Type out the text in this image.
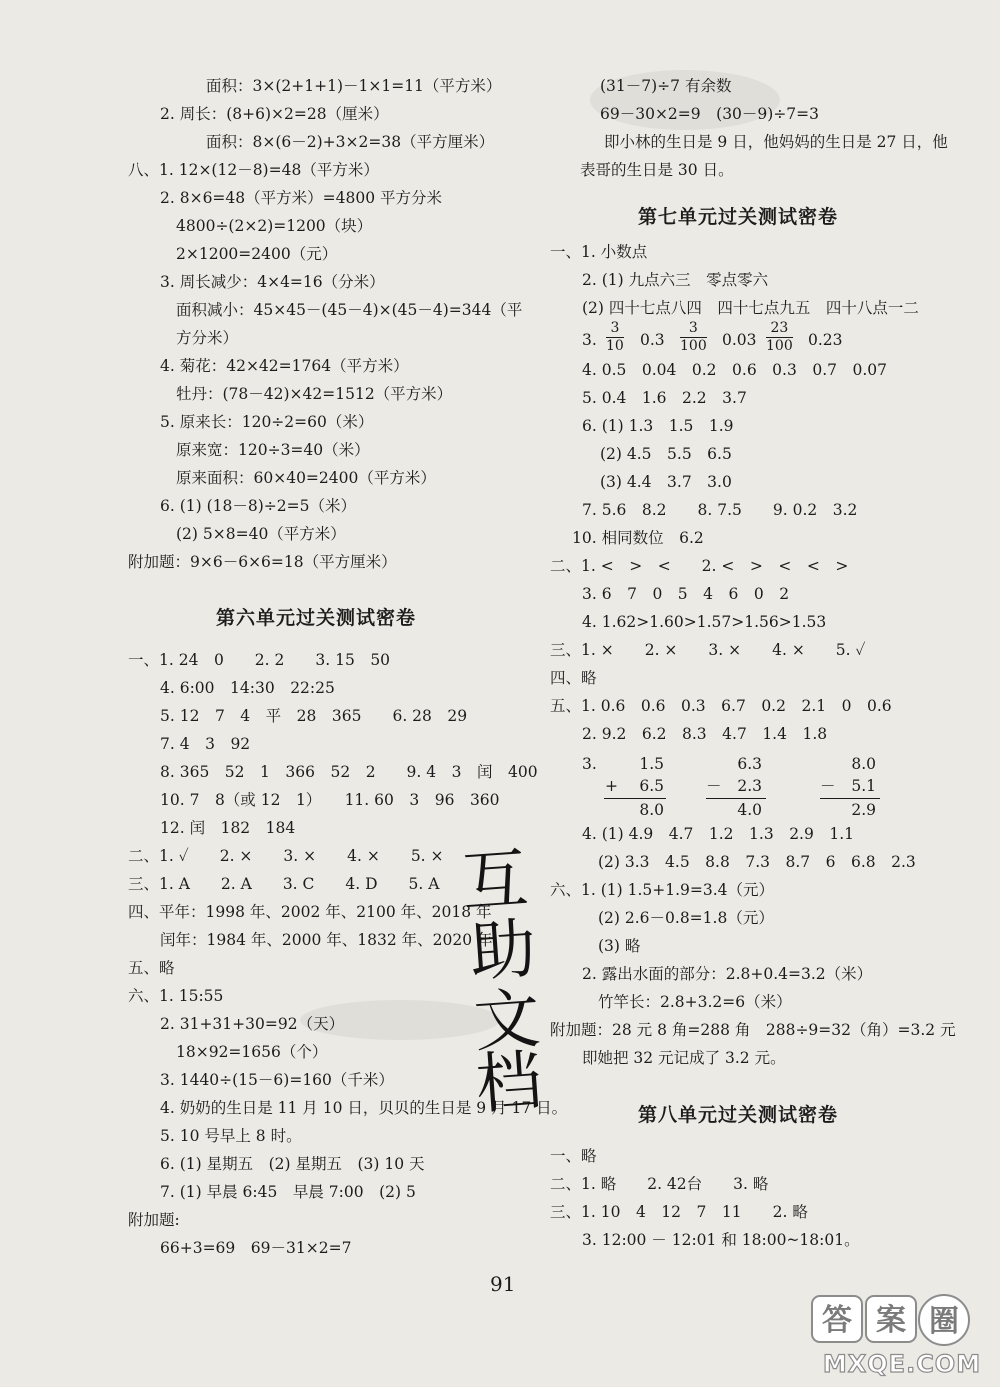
面积：3×(2+1+1)－1×1=11（平方米）
2. 周长：(8+6)×2=28（厘米）
面积：8×(6－2)+3×2=38（平方厘米）
八、1. 12×(12－8)=48（平方米）
2. 8×6=48（平方米）=4800 平方分米
4800÷(2×2)=1200（块）
2×1200=2400（元）
3. 周长减少：4×4=16（分米）
面积减小：45×45－(45－4)×(45－4)=344（平
方分米）
4. 菊花：42×42=1764（平方米）
牡丹：(78－42)×42=1512（平方米）
5. 原来长：120÷2=60（米）
原来宽：120÷3=40（米）
原来面积：60×40=2400（平方米）
6. (1) (18－8)÷2=5（米）
(2) 5×8=40（平方米）
附加题：9×6－6×6=18（平方厘米）
第六单元过关测试密卷
一、1. 24　0　　2. 2　　3. 15　50
4. 6:00　14:30　22:25
5. 12　7　4　平　28　365　　6. 28　29
7. 4　3　92
8. 365　52　1　366　52　2　　9. 4　3　闰　400
10. 7　8（或 12　1）　　11. 60　3　96　360
12. 闰　182　184
二、1. ✓　　2. ×　　3. ×　　4. ×　　5. ×
三、1. A　　2. A　　3. C　　4. D　　5. A
四、平年：1998 年、2002 年、2100 年、2018 年
闰年：1984 年、2000 年、1832 年、2020 年
五、略
六、1. 15:55
2. 31+31+30=92（天）
18×92=1656（个）
3. 1440÷(15－6)=160（千米）
4. 奶奶的生日是 11 月 10 日，贝贝的生日是 9 月 17 日。
5. 10 号早上 8 时。
6. (1) 星期五　(2) 星期五　(3) 10 天
7. (1) 早晨 6:45　早晨 7:00　(2) 5
附加题:
66+3=69　69－31×2=7
互
助
文
档
(31－7)÷7 有余数
69－30×2=9　(30－9)÷7=3
即小林的生日是 9 日，他妈妈的生日是 27 日，他
表哥的生日是 30 日。
第七单元过关测试密卷
一、1. 小数点
2. (1) 九点六三　零点零六
(2) 四十七点八四　四十七点九五　四十八点一二
3.
3
10 0.3
3
100 0.03
23
100 0.23
4. 0.5　0.04　0.2　0.6　0.3　0.7　0.07
5. 0.4　1.6　2.2　3.7
6. (1) 1.3　1.5　1.9
(2) 4.5　5.5　6.5
(3) 4.4　3.7　3.0
7. 5.6　8.2　　8. 7.5　　9. 0.2　3.2
10. 相同数位　6.2
二、1. <　>　<　　2. <　>　<　<　>
3. 6　7　0　5　4　6　0　2
4. 1.62>1.60>1.57>1.56>1.53
三、1. ×　　2. ×　　3. ×　　4. ×　　5. ✓
四、略
五、1. 0.6　0.6　0.3　6.7　0.2　2.1　0　0.6
2. 9.2　6.2　8.3　4.7　1.4　1.8
3.	1.5
+	6.5
8.0
6.3
－	2.3
4.0
8.0
－	5.1
2.9
4. (1) 4.9　4.7　1.2　1.3　2.9　1.1
(2) 3.3　4.5　8.8　7.3　8.7　6　6.8　2.3
六、1. (1) 1.5+1.9=3.4（元）
(2) 2.6－0.8=1.8（元）
(3) 略
2. 露出水面的部分：2.8+0.4=3.2（米）
竹竿长：2.8+3.2=6（米）
附加题：28 元 8 角=288 角　288÷9=32（角）=3.2 元
即她把 32 元记成了 3.2 元。
第八单元过关测试密卷
一、略
二、1. 略　　2. 42台　　3. 略
三、1. 10　4　12　7　11　　2. 略
3. 12:00 － 12:01 和 18:00~18:01。
91
答 案 圈
MXQE.COM
